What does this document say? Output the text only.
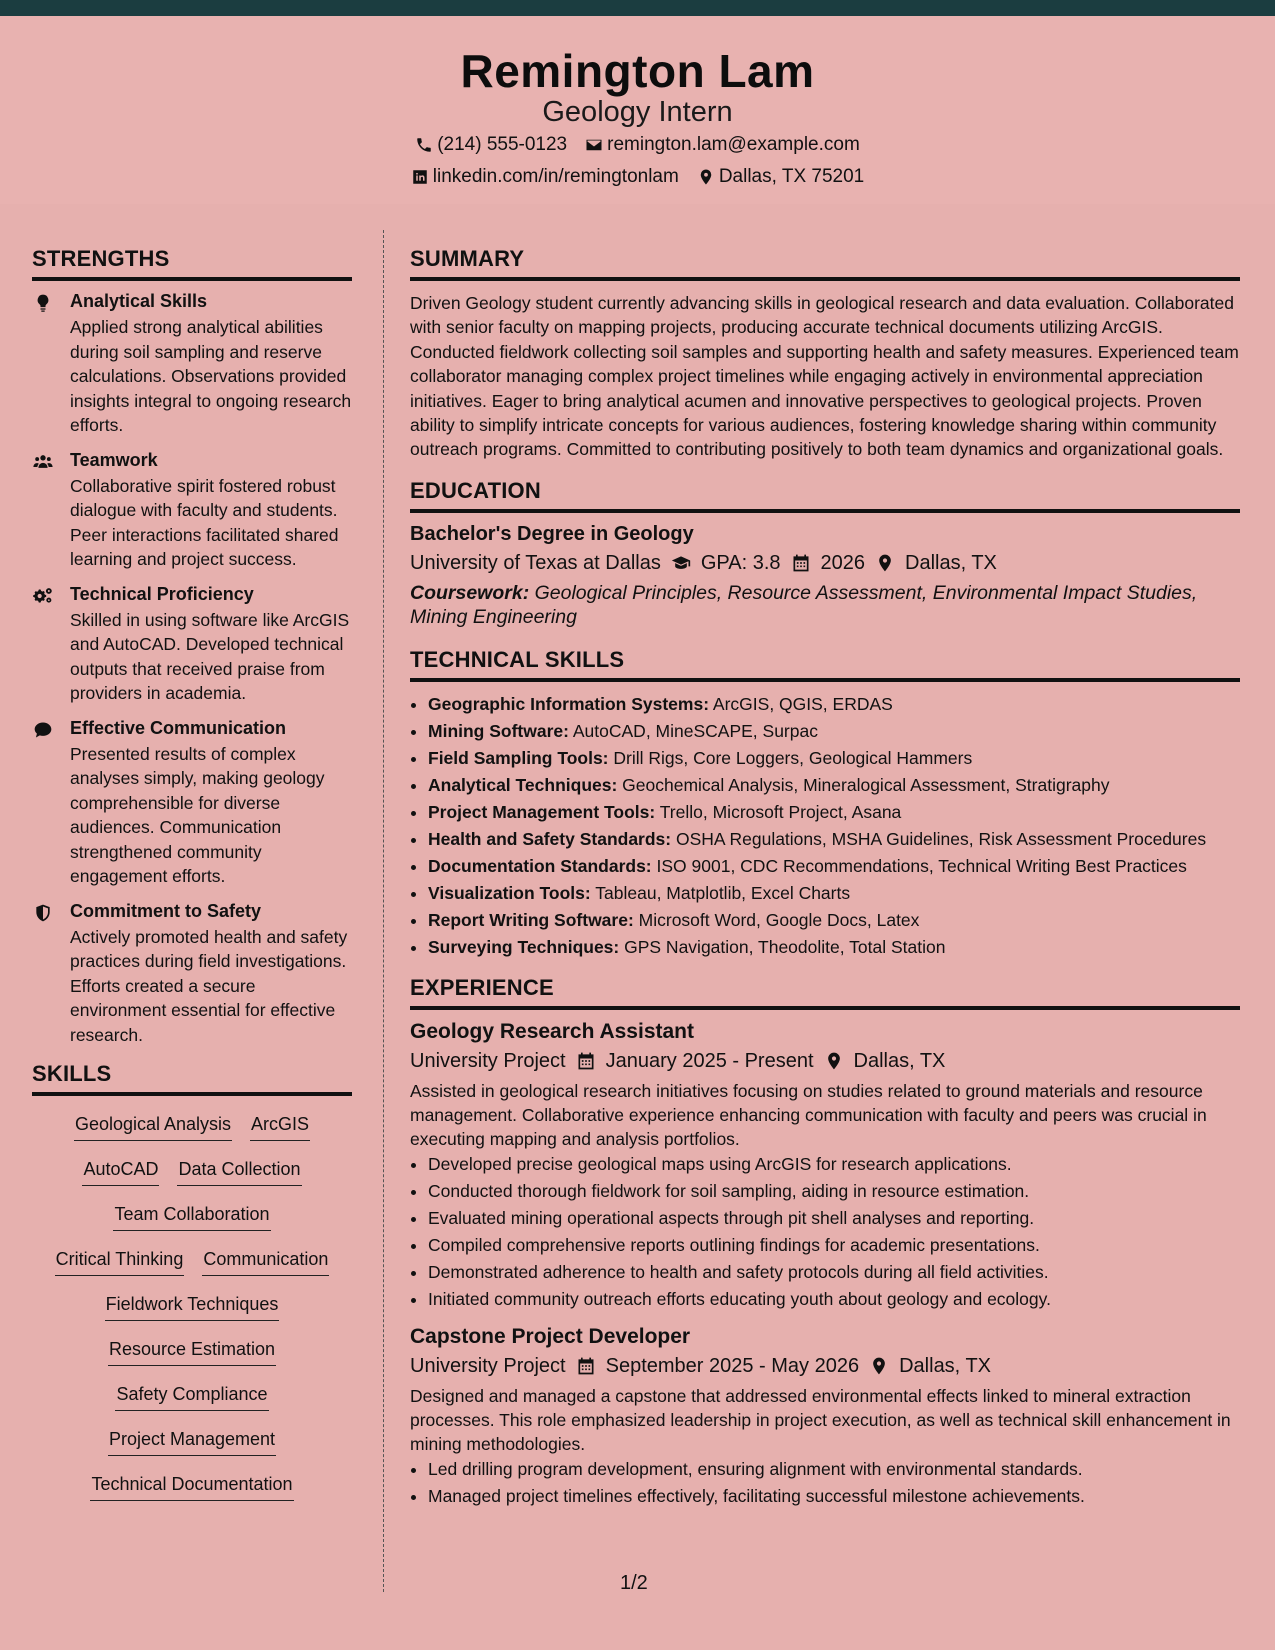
Remington Lam
Geology Intern
(214) 555-0123 remington.lam@example.com
linkedin.com/in/remingtonlam Dallas, TX 75201
STRENGTHS
Analytical Skills
Applied strong analytical abilities during soil sampling and reserve calculations. Observations provided insights integral to ongoing research efforts.
Teamwork
Collaborative spirit fostered robust dialogue with faculty and students. Peer interactions facilitated shared learning and project success.
Technical Proficiency
Skilled in using software like ArcGIS and AutoCAD. Developed technical outputs that received praise from providers in academia.
Effective Communication
Presented results of complex analyses simply, making geology comprehensible for diverse audiences. Communication strengthened community engagement efforts.
Commitment to Safety
Actively promoted health and safety practices during field investigations. Efforts created a secure environment essential for effective research.
SKILLS
Geological Analysis ArcGIS
AutoCAD Data Collection
Team Collaboration
Critical Thinking Communication
Fieldwork Techniques
Resource Estimation
Safety Compliance
Project Management
Technical Documentation
SUMMARY

Driven Geology student currently advancing skills in geological research and data evaluation. Collaborated with senior faculty on mapping projects, producing accurate technical documents utilizing ArcGIS. Conducted fieldwork collecting soil samples and supporting health and safety measures. Experienced team collaborator managing complex project timelines while engaging actively in environmental appreciation initiatives. Eager to bring analytical acumen and innovative perspectives to geological projects. Proven ability to simplify intricate concepts for various audiences, fostering knowledge sharing within community outreach programs. Committed to contributing positively to both team dynamics and organizational goals.

EDUCATION
Bachelor's Degree in Geology
University of Texas at Dallas GPA: 3.8 2026 Dallas, TX
Coursework: Geological Principles, Resource Assessment, Environmental Impact Studies, Mining Engineering
TECHNICAL SKILLS
• Geographic Information Systems: ArcGIS, QGIS, ERDAS
• Mining Software: AutoCAD, MineSCAPE, Surpac
• Field Sampling Tools: Drill Rigs, Core Loggers, Geological Hammers
• Analytical Techniques: Geochemical Analysis, Mineralogical Assessment, Stratigraphy
• Project Management Tools: Trello, Microsoft Project, Asana
• Health and Safety Standards: OSHA Regulations, MSHA Guidelines, Risk Assessment Procedures
• Documentation Standards: ISO 9001, CDC Recommendations, Technical Writing Best Practices
• Visualization Tools: Tableau, Matplotlib, Excel Charts
• Report Writing Software: Microsoft Word, Google Docs, Latex
• Surveying Techniques: GPS Navigation, Theodolite, Total Station
EXPERIENCE
Geology Research Assistant
University Project January 2025 - Present Dallas, TX

Assisted in geological research initiatives focusing on studies related to ground materials and resource management. Collaborative experience enhancing communication with faculty and peers was crucial in executing mapping and analysis portfolios.

• Developed precise geological maps using ArcGIS for research applications.
• Conducted thorough fieldwork for soil sampling, aiding in resource estimation.
• Evaluated mining operational aspects through pit shell analyses and reporting.
• Compiled comprehensive reports outlining findings for academic presentations.
• Demonstrated adherence to health and safety protocols during all field activities.
• Initiated community outreach efforts educating youth about geology and ecology.
Capstone Project Developer
University Project September 2025 - May 2026 Dallas, TX

Designed and managed a capstone that addressed environmental effects linked to mineral extraction processes. This role emphasized leadership in project execution, as well as technical skill enhancement in mining methodologies.

• Led drilling program development, ensuring alignment with environmental standards.
• Managed project timelines effectively, facilitating successful milestone achievements.
1/2
